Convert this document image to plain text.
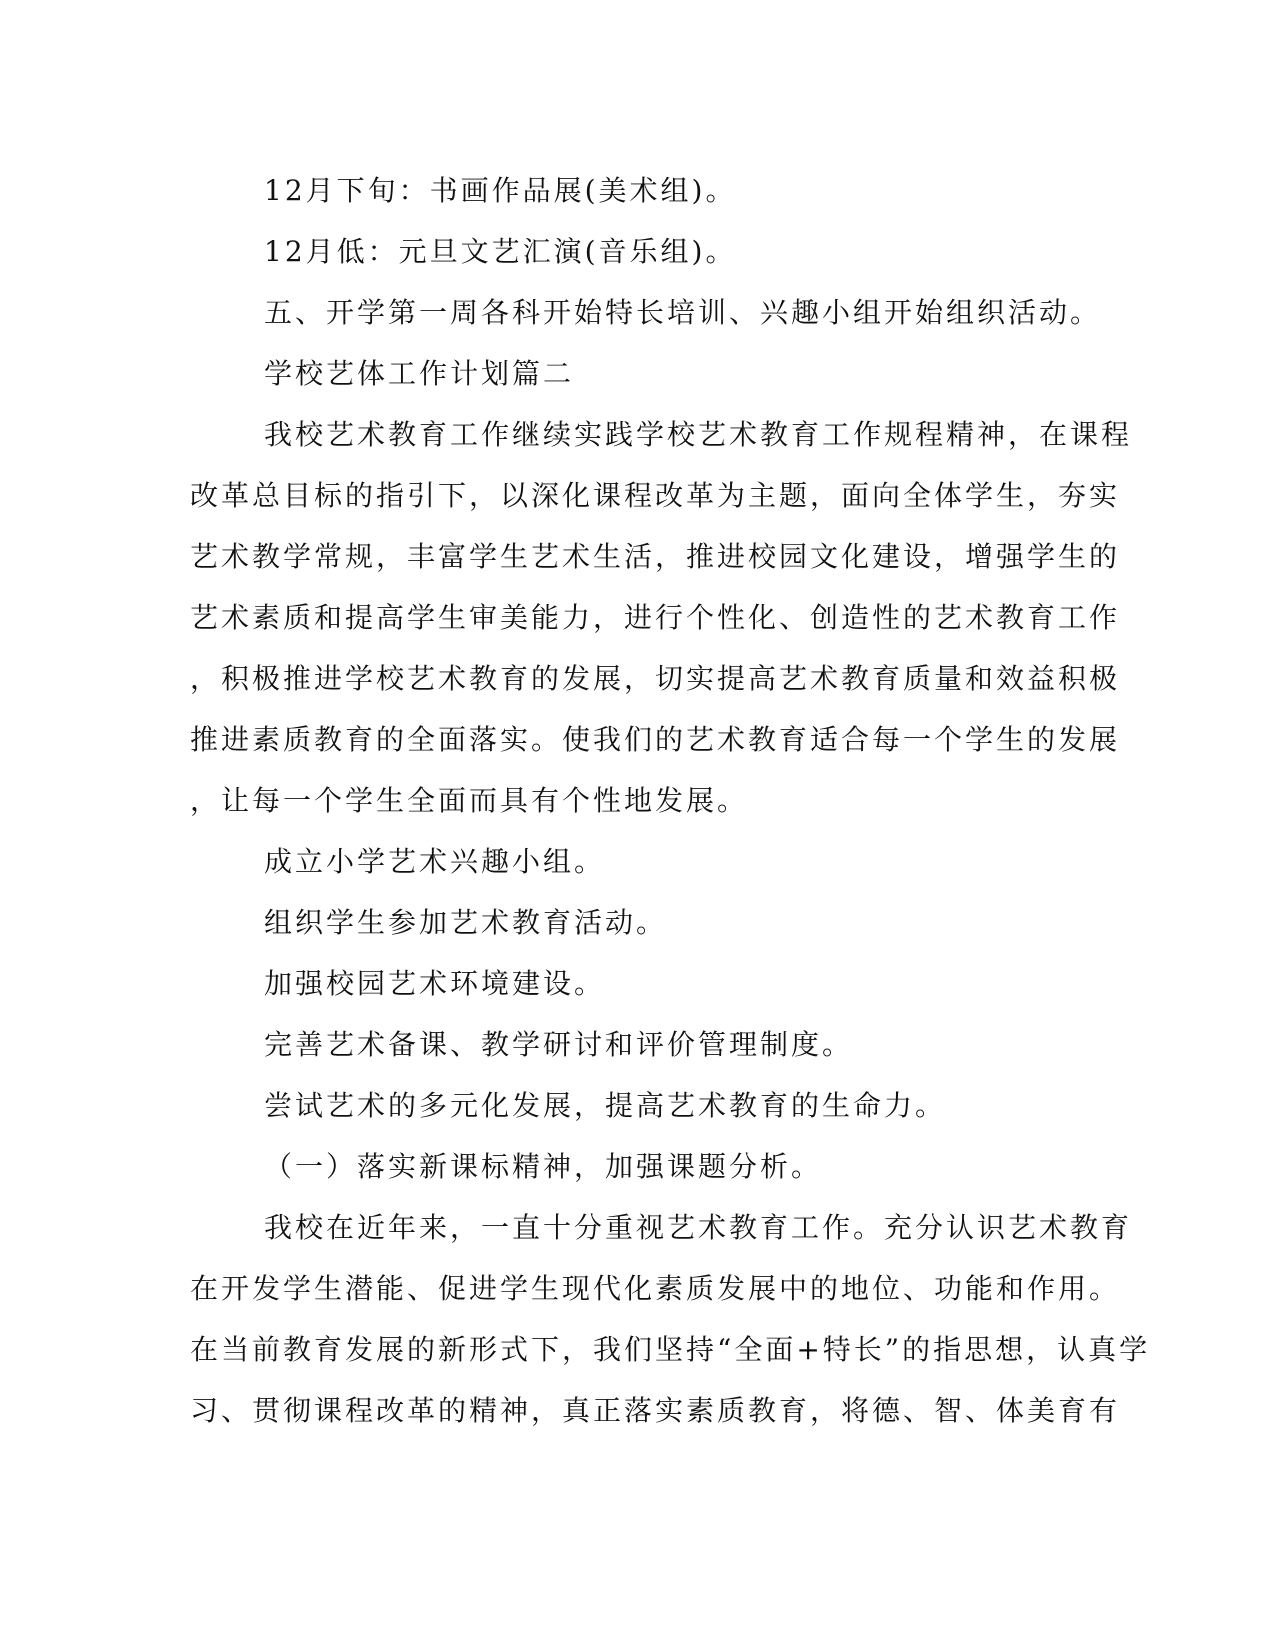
12月下旬：书画作品展(美术组)。

12月低：元旦文艺汇演(音乐组)。

五、开学第一周各科开始特长培训、兴趣小组开始组织活动。

学校艺体工作计划篇二

我校艺术教育工作继续实践学校艺术教育工作规程精神，在课程

改革总目标的指引下，以深化课程改革为主题，面向全体学生，夯实

艺术教学常规，丰富学生艺术生活，推进校园文化建设，增强学生的

艺术素质和提高学生审美能力，进行个性化、创造性的艺术教育工作

，积极推进学校艺术教育的发展，切实提高艺术教育质量和效益积极

推进素质教育的全面落实。使我们的艺术教育适合每一个学生的发展

，让每一个学生全面而具有个性地发展。

成立小学艺术兴趣小组。

组织学生参加艺术教育活动。

加强校园艺术环境建设。

完善艺术备课、教学研讨和评价管理制度。

尝试艺术的多元化发展，提高艺术教育的生命力。

（一）落实新课标精神，加强课题分析。

我校在近年来，一直十分重视艺术教育工作。充分认识艺术教育

在开发学生潜能、促进学生现代化素质发展中的地位、功能和作用。

在当前教育发展的新形式下，我们坚持“全面+特长”的指思想，认真学

习、贯彻课程改革的精神，真正落实素质教育，将德、智、体美育有
